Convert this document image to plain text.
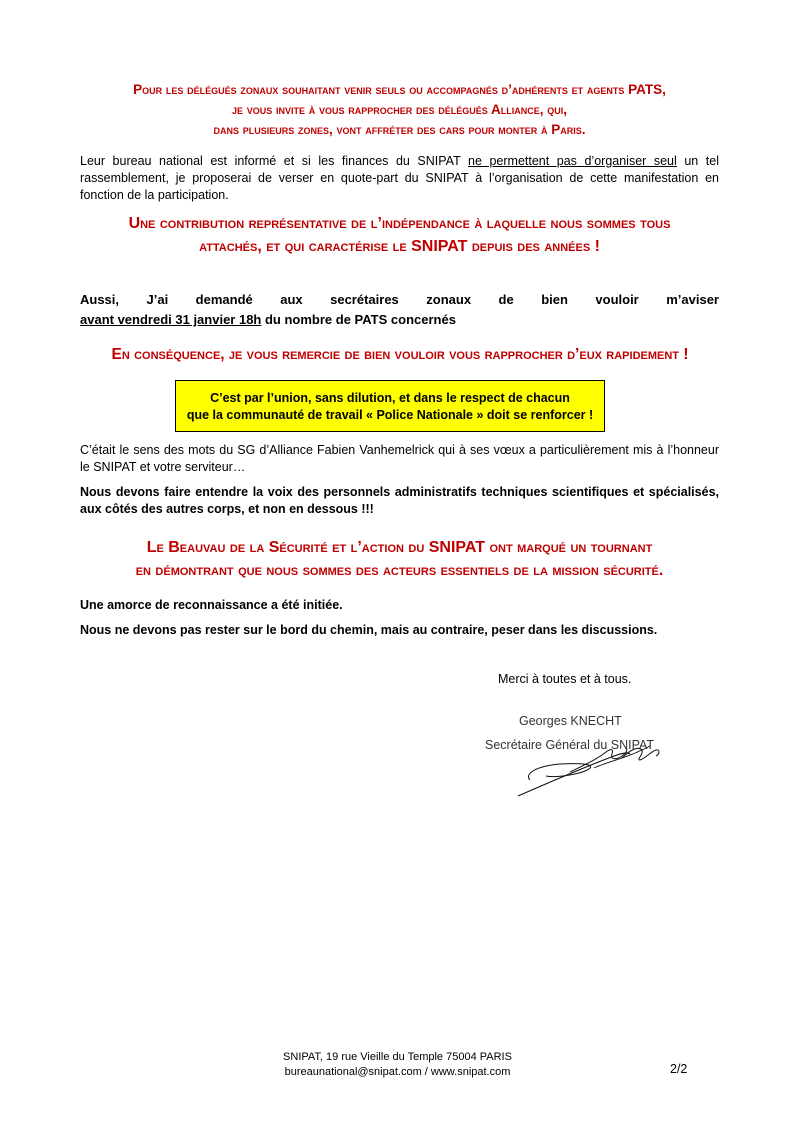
Pour les délégués zonaux souhaitant venir seuls ou accompagnés d’adhérents et agents PATS,
je vous invite à vous rapprocher des délégués Alliance, qui,
dans plusieurs zones, vont affréter des cars pour monter à Paris.
Leur bureau national est informé et si les finances du SNIPAT ne permettent pas d’organiser seul un tel rassemblement, je proposerai de verser en quote-part du SNIPAT à l’organisation de cette manifestation en fonction de la participation.
Une contribution représentative de l’indépendance à laquelle nous sommes tous
attachés, et qui caractérise le SNIPAT depuis des années !
Aussi, J’ai demandé aux secrétaires zonaux de bien vouloir m’aviser
avant vendredi 31 janvier 18h du nombre de PATS concernés
En conséquence, je vous remercie de bien vouloir vous rapprocher d’eux rapidement !
C’est par l’union, sans dilution, et dans le respect de chacun
que la communauté de travail « Police Nationale » doit se renforcer !
C’était le sens des mots du SG d’Alliance Fabien Vanhemelrick qui à ses vœux a particulièrement mis à l’honneur le SNIPAT et votre serviteur…
Nous devons faire entendre la voix des personnels administratifs techniques scientifiques et spécialisés, aux côtés des autres corps, et non en dessous !!!
Le Beauvau de la Sécurité et l’action du SNIPAT ont marqué un tournant
en démontrant que nous sommes des acteurs essentiels de la mission sécurité.
Une amorce de reconnaissance a été initiée.
Nous ne devons pas rester sur le bord du chemin, mais au contraire, peser dans les discussions.
Merci à toutes et à tous.
Georges KNECHT
Secrétaire Général du SNIPAT
SNIPAT, 19 rue Vieille du Temple 75004 PARIS
bureaunational@snipat.com / www.snipat.com	2/2
